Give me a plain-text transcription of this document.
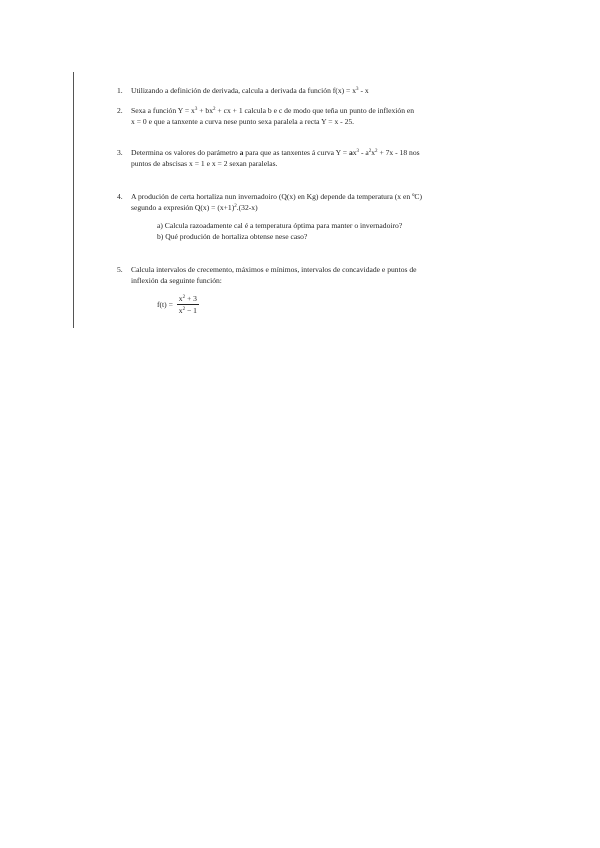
1. Utilizando a definición de derivada, calcula a derivada da función $f(x) = x^3 - x$
2. Sexa a función $Y = x^3 + bx^2$ + cx + 1 calcula b e c de modo que teña un punto de inflexión en
x = 0 e que a tanxente a curva nese punto sexa paralela a recta Y = x - 25.
3. Determina os valores do parámetro a para que as tanxentes á curva $Y = ax^3 - a^2x^2 + 7x - 18$ nos
puntos de abscisas x = 1 e x = 2 sexan paralelas.
4. A produción de certa hortaliza nun invernadoiro (Q(x) en Kg) depende da temperatura (x en ºC)
segundo a expresión $Q(x) = (x+1)^2.(32-x)$
a) Calcula razoadamente cal é a temperatura óptima para manter o invernadoiro?
b) Qué produción de hortaliza obtense nese caso?
5. Calcula intervalos de crecemento, máximos e mínimos, intervalos de concavidade e puntos de
inflexión da seguinte función:
$f(t) = \frac{x^2 + 3}{x^2 - 1}$
